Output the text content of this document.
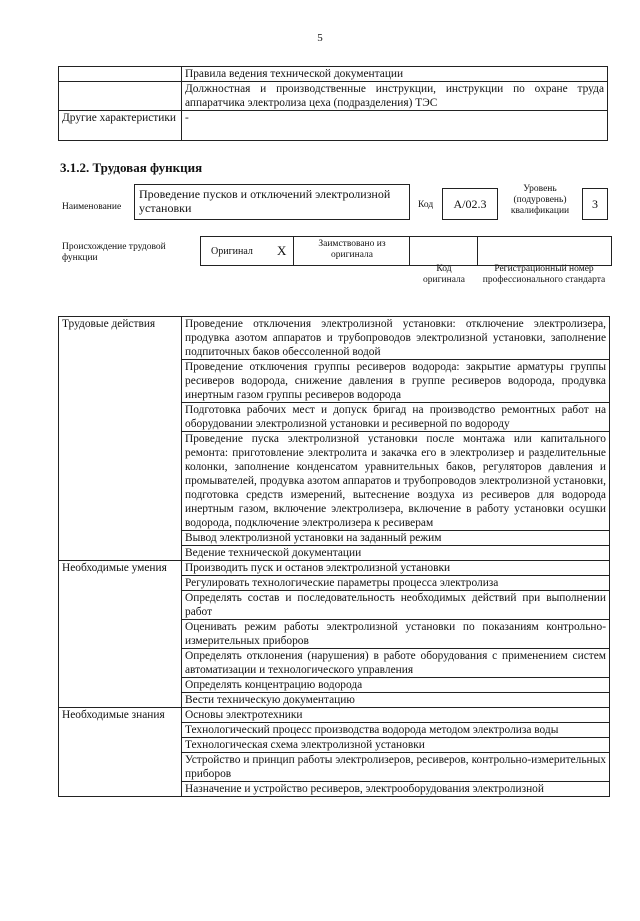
5
	Правила ведения технической документации
	Должностная и производственные инструкции, инструкции по охране труда аппаратчика электролиза цеха (подразделения) ТЭС
Другие характеристики	-
3.1.2. Трудовая функция
Наименование
Проведение пусков и отключений электролизной установки	Код	А/02.3
Уровень (подуровень) квалификации	3
Происхождение трудовой функции
Оригинал X	Заимствовано из оригинала
Код оригинала
Регистрационный номер профессионального стандарта
Трудовые действия	Проведение отключения электролизной установки: отключение электролизера, продувка азотом аппаратов и трубопроводов электролизной установки, заполнение подпиточных баков обессоленной водой
	Проведение отключения группы ресиверов водорода: закрытие арматуры группы ресиверов водорода, снижение давления в группе ресиверов водорода, продувка инертным газом группы ресиверов водорода
	Подготовка рабочих мест и допуск бригад на производство ремонтных работ на оборудовании электролизной установки и ресиверной по водороду
	Проведение пуска электролизной установки после монтажа или капитального ремонта: приготовление электролита и закачка его в электролизер и разделительные колонки, заполнение конденсатом уравнительных баков, регуляторов давления и промывателей, продувка азотом аппаратов и трубопроводов электролизной установки, подготовка средств измерений, вытеснение воздуха из ресиверов для водорода инертным газом, включение электролизера, включение в работу установки осушки водорода, подключение электролизера к ресиверам
	Вывод электролизной установки на заданный режим
	Ведение технической документации
Необходимые умения	Производить пуск и останов электролизной установки
	Регулировать технологические параметры процесса электролиза
	Определять состав и последовательность необходимых действий при выполнении работ
	Оценивать режим работы электролизной установки по показаниям контрольно-измерительных приборов
	Определять отклонения (нарушения) в работе оборудования с применением систем автоматизации и технологического управления
	Определять концентрацию водорода
	Вести техническую документацию
Необходимые знания	Основы электротехники
	Технологический процесс производства водорода методом электролиза воды
	Технологическая схема электролизной установки
	Устройство и принцип работы электролизеров, ресиверов, контрольно-измерительных приборов
	Назначение и устройство ресиверов, электрооборудования электролизной
